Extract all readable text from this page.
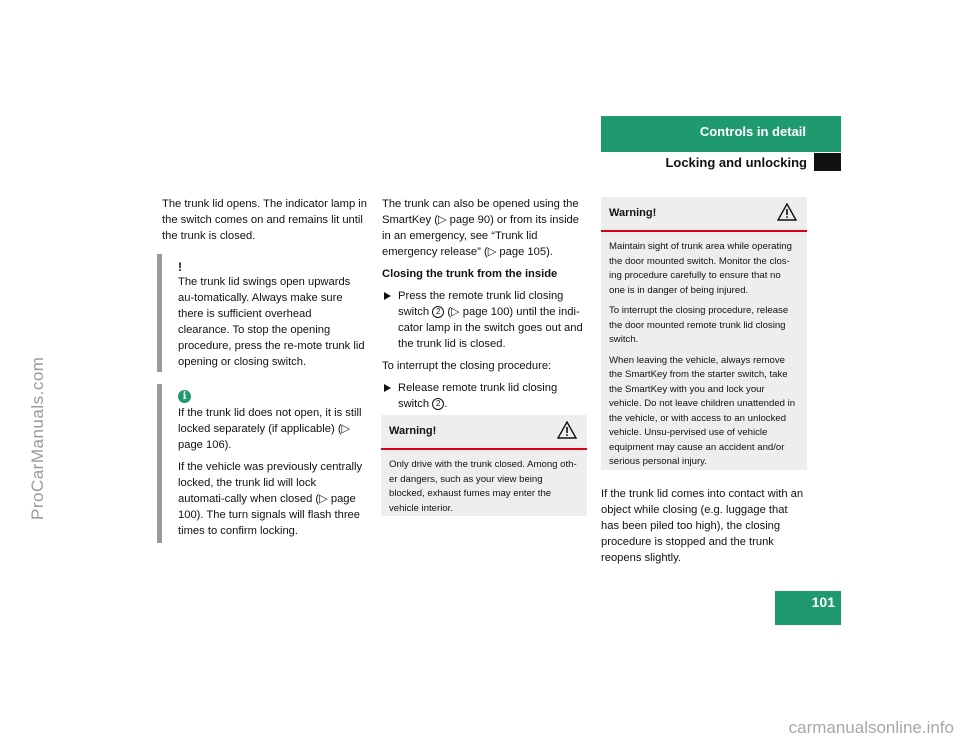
Controls in detail
Locking and unlocking
101
ProCarManuals.com
carmanualsonline.info

The trunk lid opens. The indicator lamp in the switch comes on and remains lit until the trunk is closed.

!

The trunk lid swings open upwards au-tomatically. Always make sure there is sufficient overhead clearance. To stop the opening procedure, press the re-mote trunk lid opening or closing switch.

i

If the trunk lid does not open, it is still locked separately (if applicable) (▷ page 106).

If the vehicle was previously centrally locked, the trunk lid will lock automati-cally when closed (▷ page 100). The turn signals will flash three times to confirm locking.

The trunk can also be opened using the SmartKey (▷ page 90) or from its inside in an emergency, see “Trunk lid emergency release” (▷ page 105).

Closing the trunk from the inside

Press the remote trunk lid closing switch 2 (▷ page 100) until the indi-cator lamp in the switch goes out and the trunk lid is closed.

To interrupt the closing procedure:

Release remote trunk lid closing switch 2 .
Warning!

Only drive with the trunk closed. Among oth-er dangers, such as your view being blocked, exhaust fumes may enter the vehicle interior.

Warning!

Maintain sight of trunk area while operating the door mounted switch. Monitor the clos-ing procedure carefully to ensure that no one is in danger of being injured.

To interrupt the closing procedure, release the door mounted remote trunk lid closing switch.

When leaving the vehicle, always remove the SmartKey from the starter switch, take the SmartKey with you and lock your vehicle. Do not leave children unattended in the vehicle, or with access to an unlocked vehicle. Unsu-pervised use of vehicle equipment may cause an accident and/or serious personal injury.

If the trunk lid comes into contact with an object while closing (e.g. luggage that has been piled too high), the closing procedure is stopped and the trunk reopens slightly.
